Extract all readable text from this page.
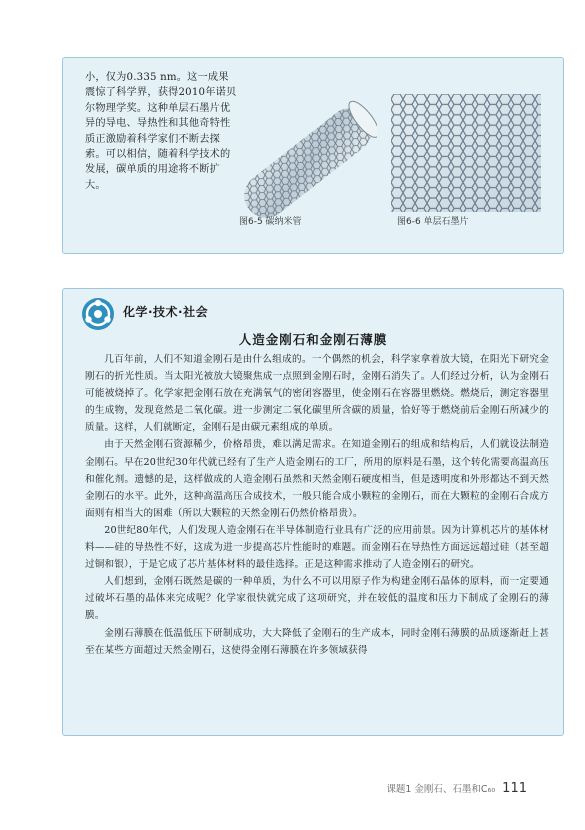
小，仅为0.335 nm。这一成果震惊了科学界，获得2010年诺贝尔物理学奖。这种单层石墨片优异的导电、导热性和其他奇特性质正激励着科学家们不断去探索。可以相信，随着科学技术的发展，碳单质的用途将不断扩大。

图6-5 碳纳米管	图6-6 单层石墨片
化学·技术·社会
人造金刚石和金刚石薄膜

几百年前，人们不知道金刚石是由什么组成的。一个偶然的机会，科学家拿着放大镜，在阳光下研究金刚石的折光性质。当太阳光被放大镜聚焦成一点照到金刚石时，金刚石消失了。人们经过分析，认为金刚石可能被烧掉了。化学家把金刚石放在充满氧气的密闭容器里，使金刚石在容器里燃烧。燃烧后，测定容器里的生成物，发现竟然是二氧化碳。进一步测定二氧化碳里所含碳的质量，恰好等于燃烧前后金刚石所减少的质量。这样，人们就断定，金刚石是由碳元素组成的单质。

由于天然金刚石资源稀少，价格昂贵，难以满足需求。在知道金刚石的组成和结构后，人们就设法制造金刚石。早在20世纪30年代就已经有了生产人造金刚石的工厂，所用的原料是石墨，这个转化需要高温高压和催化剂。遗憾的是，这样做成的人造金刚石虽然和天然金刚石硬度相当，但是透明度和外形都达不到天然金刚石的水平。此外，这种高温高压合成技术，一般只能合成小颗粒的金刚石，而在大颗粒的金刚石合成方面则有相当大的困难（所以大颗粒的天然金刚石仍然价格昂贵）。

20世纪80年代，人们发现人造金刚石在半导体制造行业具有广泛的应用前景。因为计算机芯片的基体材料——硅的导热性不好，这成为进一步提高芯片性能时的难题。而金刚石在导热性方面远远超过硅（甚至超过铜和银），于是它成了芯片基体材料的最佳选择。正是这种需求推动了人造金刚石的研究。

人们想到，金刚石既然是碳的一种单质，为什么不可以用原子作为构建金刚石晶体的原料，而一定要通过破坏石墨的晶体来完成呢？化学家很快就完成了这项研究，并在较低的温度和压力下制成了金刚石的薄膜。

金刚石薄膜在低温低压下研制成功，大大降低了金刚石的生产成本，同时金刚石薄膜的品质逐渐赶上甚至在某些方面超过天然金刚石，这使得金刚石薄膜在许多领域获得

课题1 金刚石、石墨和C₆₀ 111
